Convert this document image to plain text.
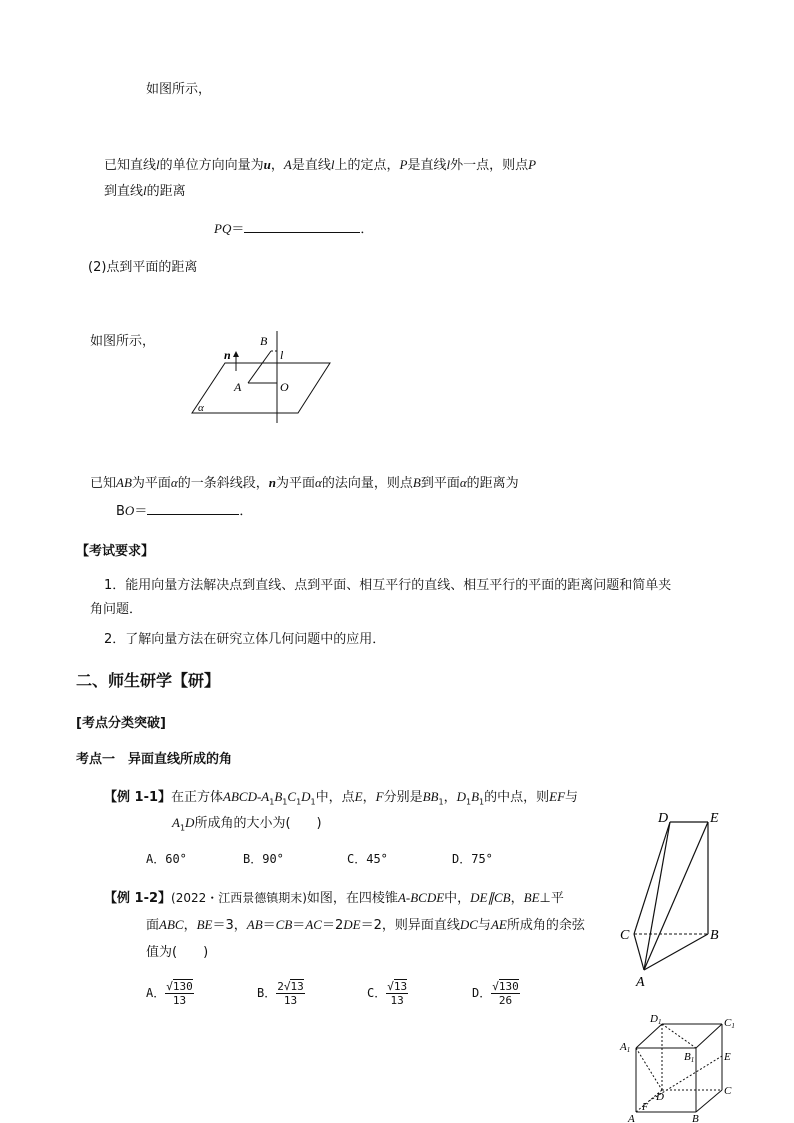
如图所示，
已知直线l的单位方向向量为u，A是直线l上的定点，P是直线l外一点，则点P
到直线l的距离
PQ＝	．
(2)点到平面的距离
如图所示，	B
n	l
A	O
α
已知AB为平面α的一条斜线段，n为平面α的法向量，则点B到平面α的距离为
BO＝	．
【考试要求】
1．能用向量方法解决点到直线、点到平面、相互平行的直线、相互平行的平面的距离问题和简单夹
角问题．
2．了解向量方法在研究立体几何问题中的应用．
二、师生研学【研】
[考点分类突破]
考点一　异面直线所成的角
【例 1-1】在正方体ABCD-$A_1B_1C_1D_1$中，点E，F分别是$BB_1$，$D_1B_1$的中点，则EF与
$A_1D$所成角的大小为(　　)
A．60°	B．90°	C．45°	D．75°
【例 1-2】(2022・江西景德镇期末)如图，在四棱锥A-BCDE中，DE∥CB，BE⊥平
面ABC，BE＝3，AB＝CB＝AC＝2DE＝2，则异面直线DC与AE所成角的余弦
值为(　　)
A． $\frac{√130}{13}$	B． $\frac{2√13}{13}$	C． $\frac{√13}{13}$	D． $\frac{√130}{26}$
D	E
C	B
A
D1	C1
A1
B1	E
D	C
F
A	B
